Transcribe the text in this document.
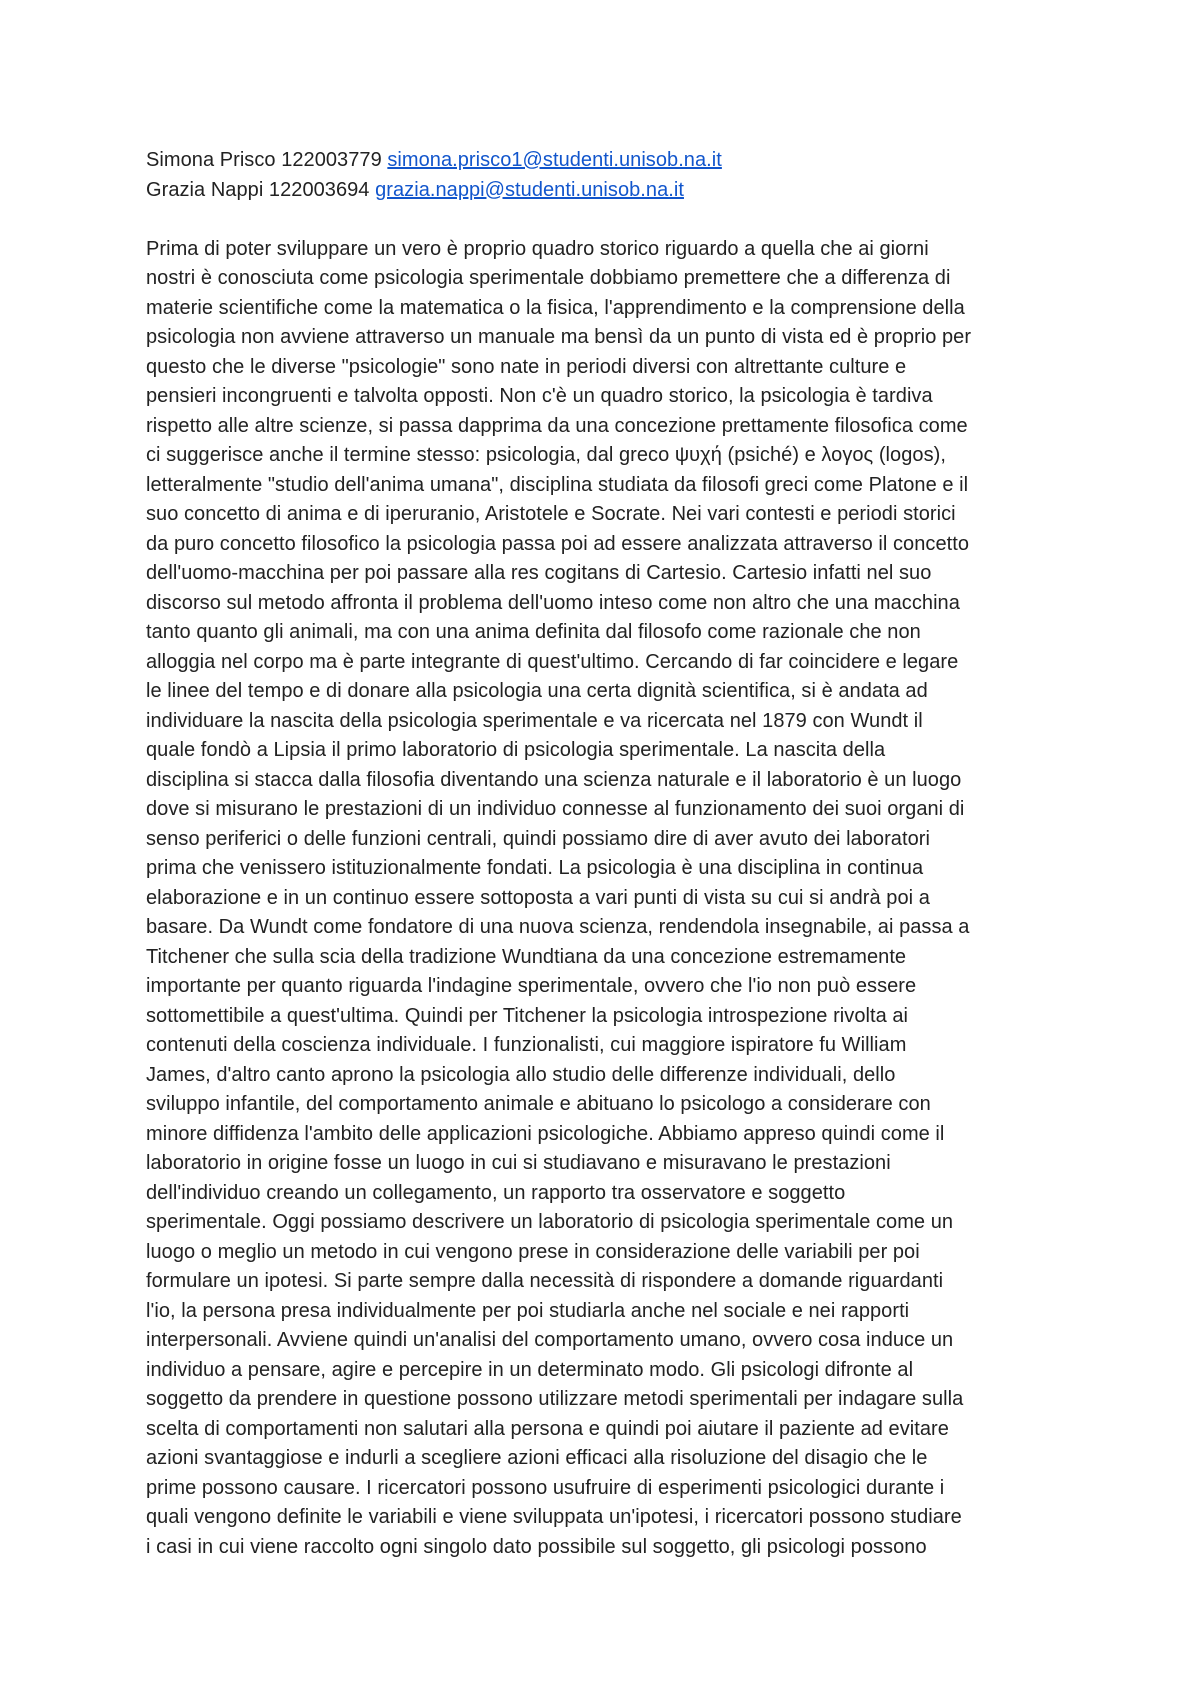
Simona Prisco 122003779 simona.prisco1@studenti.unisob.na.it

Grazia Nappi 122003694 grazia.nappi@studenti.unisob.na.it

Prima di poter sviluppare un vero è proprio quadro storico riguardo a quella che ai giorni
nostri è conosciuta come psicologia sperimentale dobbiamo premettere che a differenza di
materie scientifiche come la matematica o la fisica, l'apprendimento e la comprensione della
psicologia non avviene attraverso un manuale ma bensì da un punto di vista ed è proprio per
questo che le diverse "psicologie" sono nate in periodi diversi con altrettante culture e
pensieri incongruenti e talvolta opposti. Non c'è un quadro storico, la psicologia è tardiva
rispetto alle altre scienze, si passa dapprima da una concezione prettamente filosofica come
ci suggerisce anche il termine stesso: psicologia, dal greco ψυχή (psiché) e λογος (logos),
letteralmente "studio dell'anima umana", disciplina studiata da filosofi greci come Platone e il
suo concetto di anima e di iperuranio, Aristotele e Socrate. Nei vari contesti e periodi storici
da puro concetto filosofico la psicologia passa poi ad essere analizzata attraverso il concetto
dell'uomo-macchina per poi passare alla res cogitans di Cartesio. Cartesio infatti nel suo
discorso sul metodo affronta il problema dell'uomo inteso come non altro che una macchina
tanto quanto gli animali, ma con una anima definita dal filosofo come razionale che non
alloggia nel corpo ma è parte integrante di quest'ultimo. Cercando di far coincidere e legare
le linee del tempo e di donare alla psicologia una certa dignità scientifica, si è andata ad
individuare la nascita della psicologia sperimentale e va ricercata nel 1879 con Wundt il
quale fondò a Lipsia il primo laboratorio di psicologia sperimentale. La nascita della
disciplina si stacca dalla filosofia diventando una scienza naturale e il laboratorio è un luogo
dove si misurano le prestazioni di un individuo connesse al funzionamento dei suoi organi di
senso periferici o delle funzioni centrali, quindi possiamo dire di aver avuto dei laboratori
prima che venissero istituzionalmente fondati. La psicologia è una disciplina in continua
elaborazione e in un continuo essere sottoposta a vari punti di vista su cui si andrà poi a
basare. Da Wundt come fondatore di una nuova scienza, rendendola insegnabile, ai passa a
Titchener che sulla scia della tradizione Wundtiana da una concezione estremamente
importante per quanto riguarda l'indagine sperimentale, ovvero che l'io non può essere
sottomettibile a quest'ultima. Quindi per Titchener la psicologia introspezione rivolta ai
contenuti della coscienza individuale. I funzionalisti, cui maggiore ispiratore fu William
James, d'altro canto aprono la psicologia allo studio delle differenze individuali, dello
sviluppo infantile, del comportamento animale e abituano lo psicologo a considerare con
minore diffidenza l'ambito delle applicazioni psicologiche. Abbiamo appreso quindi come il
laboratorio in origine fosse un luogo in cui si studiavano e misuravano le prestazioni
dell'individuo creando un collegamento, un rapporto tra osservatore e soggetto
sperimentale. Oggi possiamo descrivere un laboratorio di psicologia sperimentale come un
luogo o meglio un metodo in cui vengono prese in considerazione delle variabili per poi
formulare un ipotesi. Si parte sempre dalla necessità di rispondere a domande riguardanti
l'io, la persona presa individualmente per poi studiarla anche nel sociale e nei rapporti
interpersonali. Avviene quindi un'analisi del comportamento umano, ovvero cosa induce un
individuo a pensare, agire e percepire in un determinato modo. Gli psicologi difronte al
soggetto da prendere in questione possono utilizzare metodi sperimentali per indagare sulla
scelta di comportamenti non salutari alla persona e quindi poi aiutare il paziente ad evitare
azioni svantaggiose e indurli a scegliere azioni efficaci alla risoluzione del disagio che le
prime possono causare. I ricercatori possono usufruire di esperimenti psicologici durante i
quali vengono definite le variabili e viene sviluppata un'ipotesi, i ricercatori possono studiare
i casi in cui viene raccolto ogni singolo dato possibile sul soggetto, gli psicologi possono
